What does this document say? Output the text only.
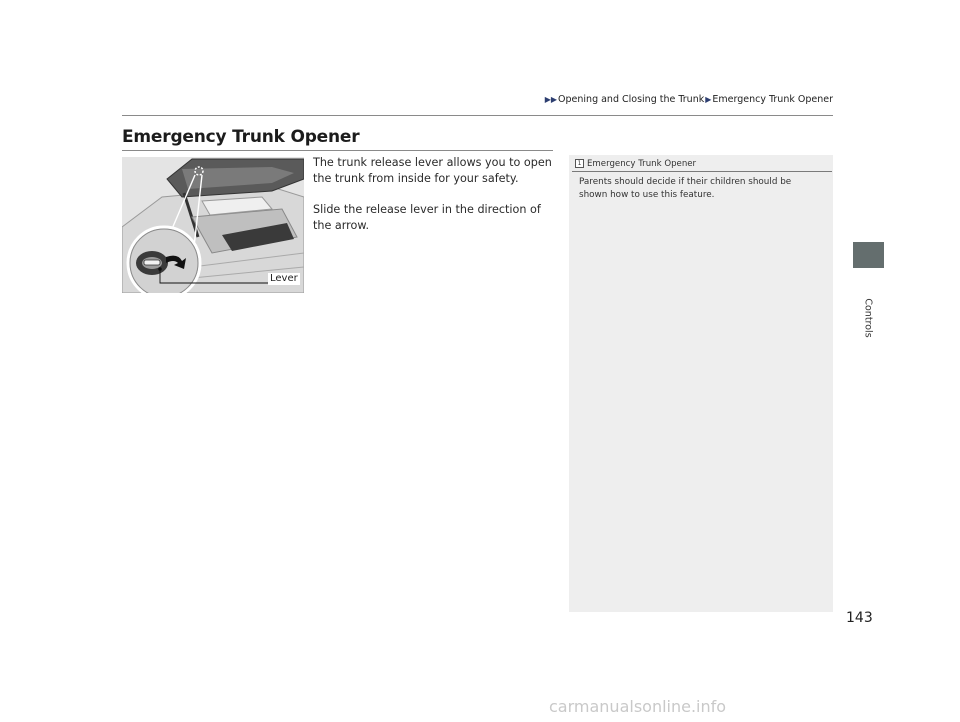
▶▶Opening and Closing the Trunk▶Emergency Trunk Opener
Emergency Trunk Opener
Lever

The trunk release lever allows you to open the trunk from inside for your safety.

Slide the release lever in the direction of the arrow.

1 Emergency Trunk Opener
Parents should decide if their children should be shown how to use this feature.
Controls
143
carmanualsonline.info
